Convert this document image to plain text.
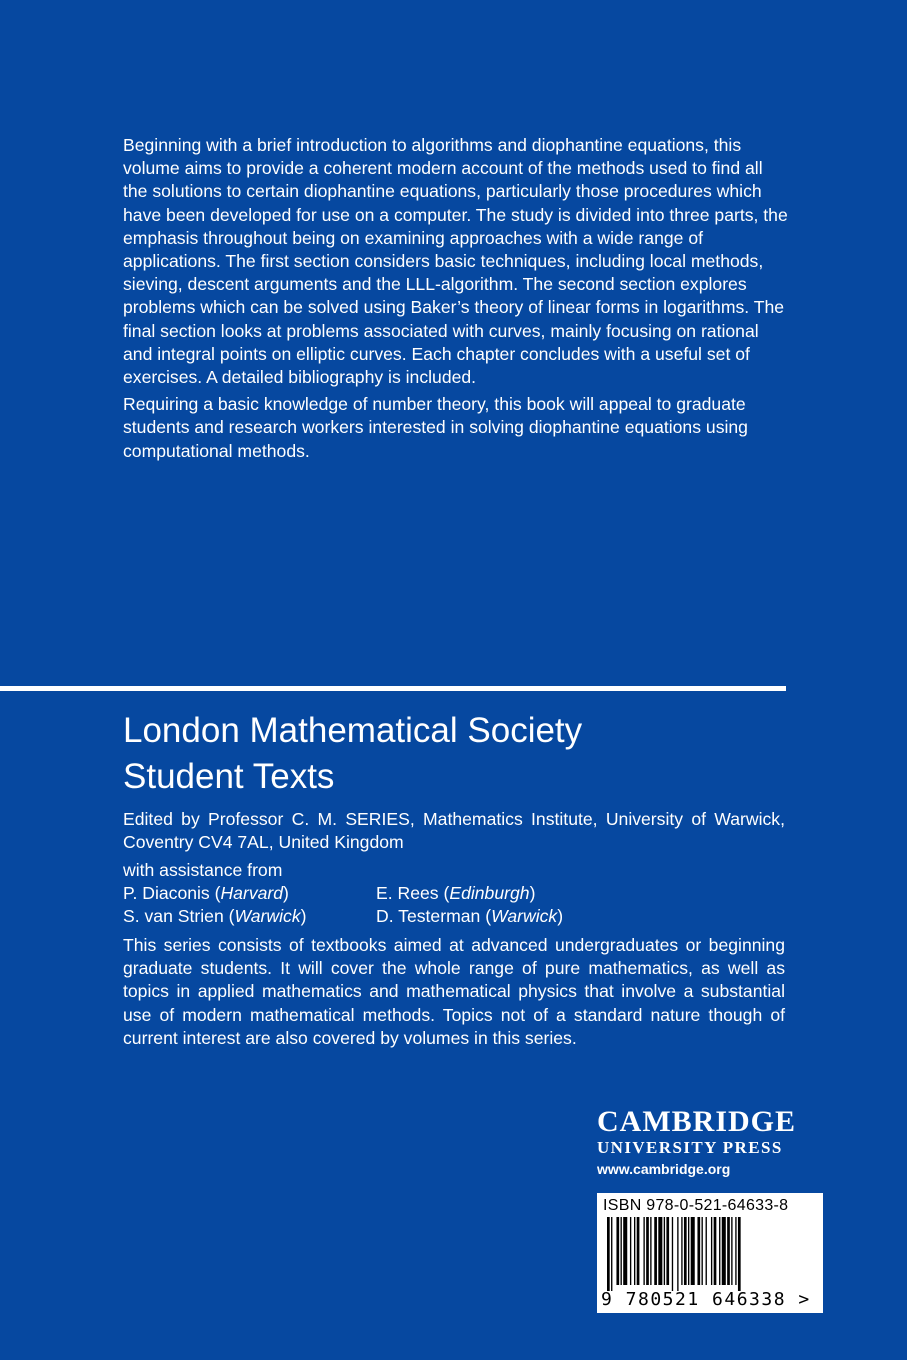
Beginning with a brief introduction to algorithms and diophantine equations, this volume aims to provide a coherent modern account of the methods used to find all the solutions to certain diophantine equations, particularly those procedures which have been developed for use on a computer. The study is divided into three parts, the emphasis throughout being on examining approaches with a wide range of applications. The first section considers basic techniques, including local methods, sieving, descent arguments and the LLL-algorithm. The second section explores problems which can be solved using Baker’s theory of linear forms in logarithms. The final section looks at problems associated with curves, mainly focusing on rational and integral points on elliptic curves. Each chapter concludes with a useful set of exercises. A detailed bibliography is included.

Requiring a basic knowledge of number theory, this book will appeal to graduate students and research workers interested in solving diophantine equations using computational methods.

London Mathematical Society
Student Texts

Edited by Professor C. M. SERIES, Mathematics Institute, University of Warwick, Coventry CV4 7AL, United Kingdom

with assistance from

P. Diaconis (Harvard)	E. Rees (Edinburgh)
S. van Strien (Warwick)	D. Testerman (Warwick)

This series consists of textbooks aimed at advanced undergraduates or beginning graduate students. It will cover the whole range of pure mathematics, as well as topics in applied mathematics and mathematical physics that involve a substantial use of modern mathematical methods. Topics not of a standard nature though of current interest are also covered by volumes in this series.

CAMBRIDGE
UNIVERSITY PRESS
www.cambridge.org
ISBN 978-0-521-64633-8
9 780521 646338 >
